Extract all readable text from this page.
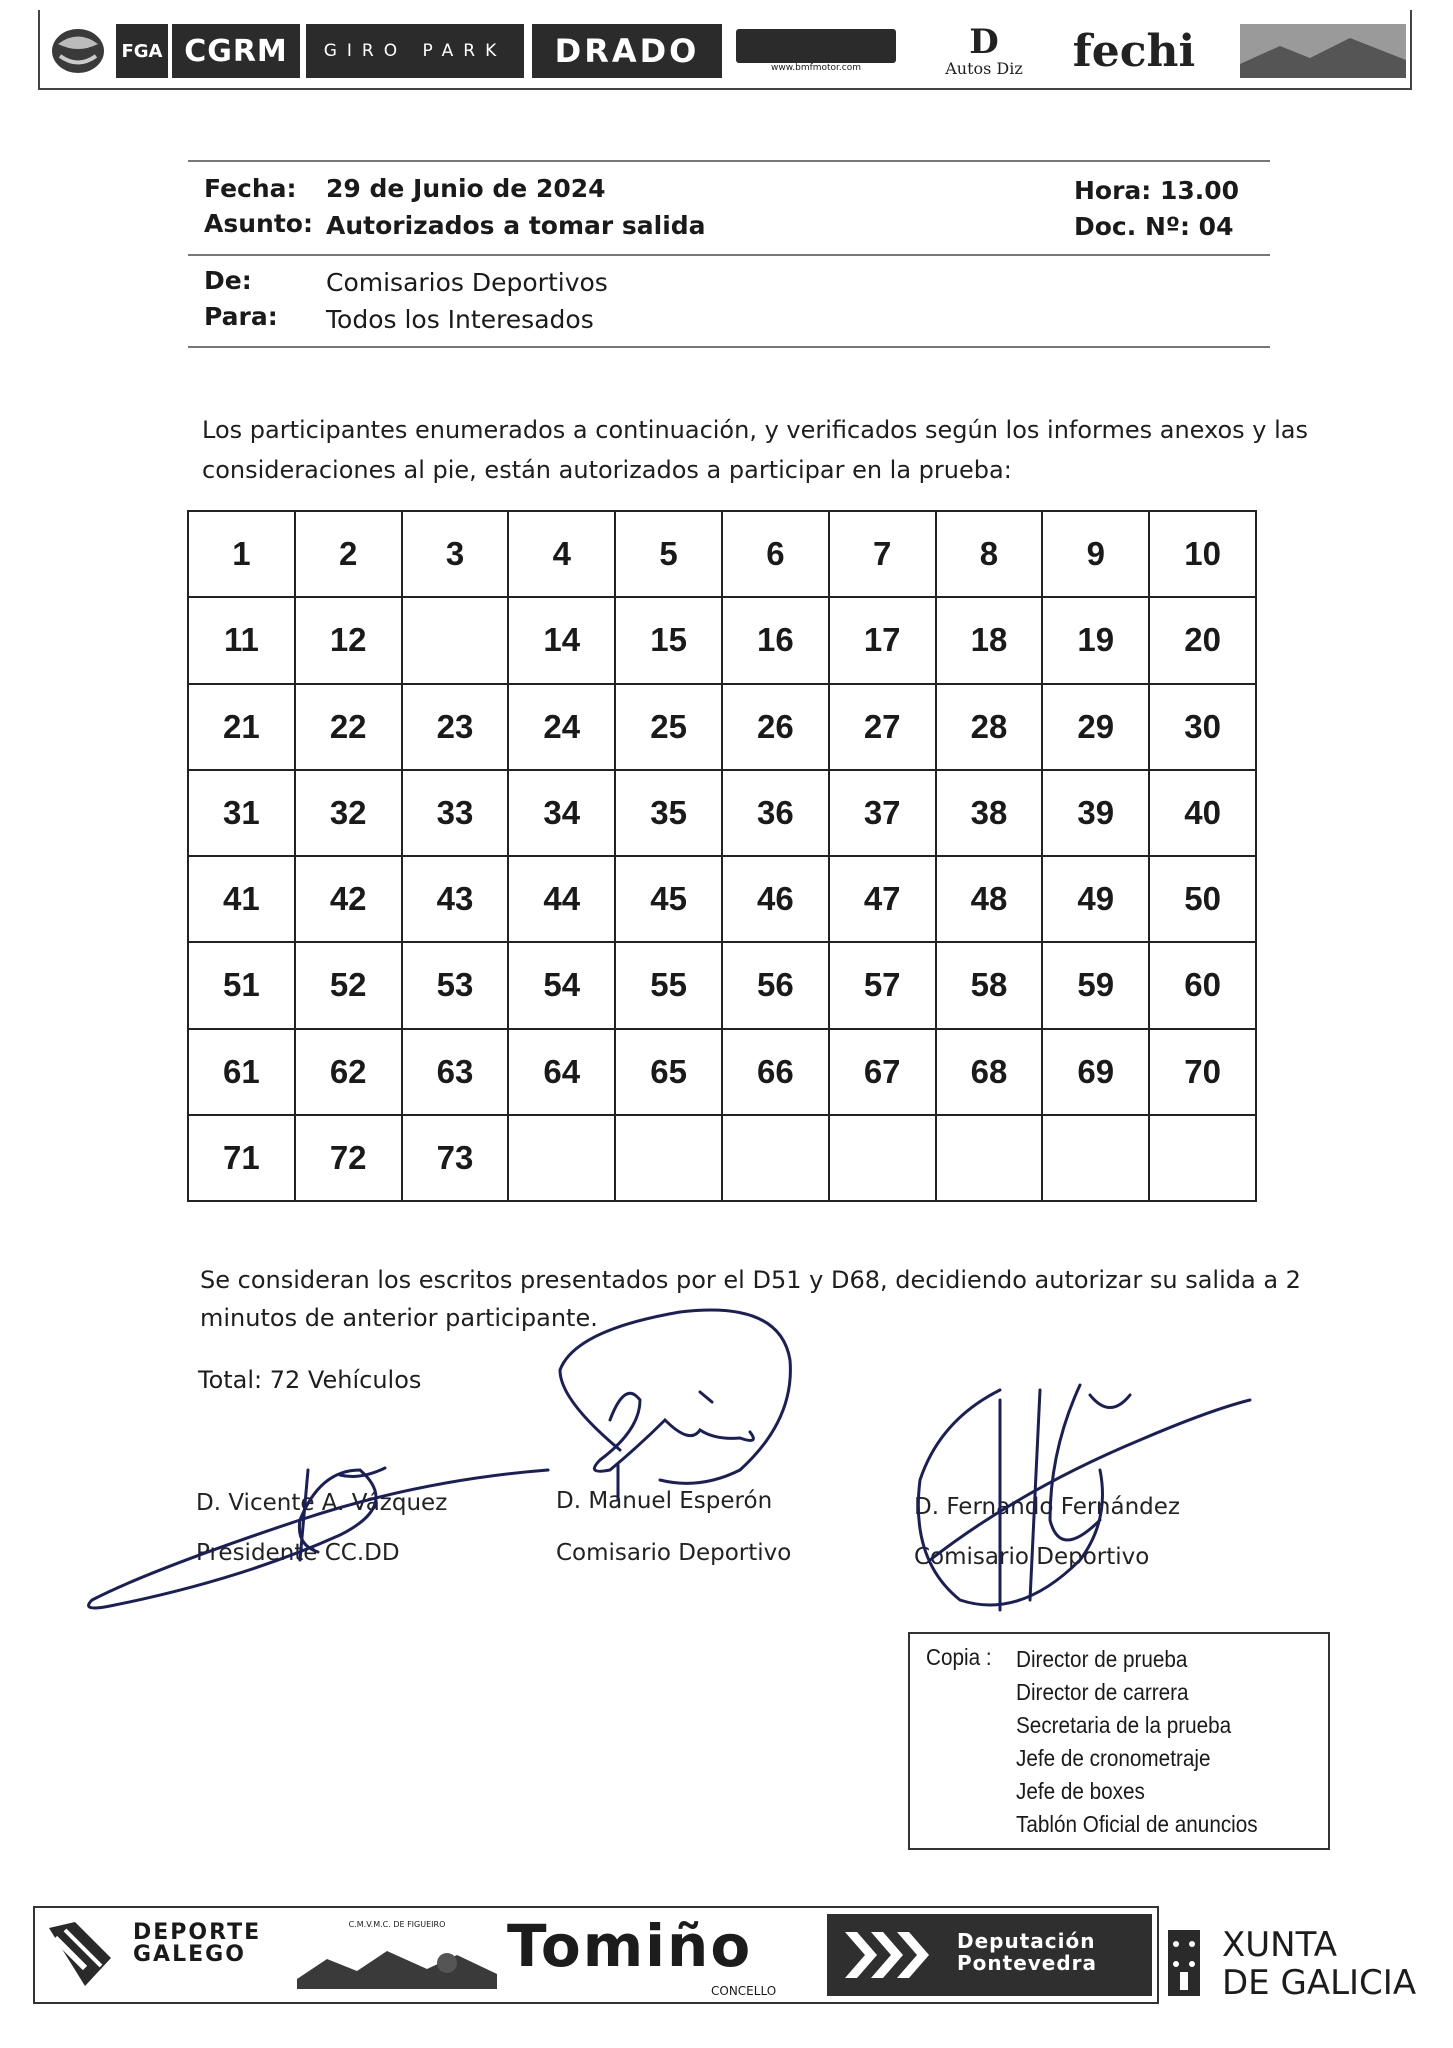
FGA CGRM GIRO PARK DRADO	www.bmfmotor.com
D
Autos Diz fechi
Fecha: 29 de Junio de 2024	Hora: 13.00
Asunto: Autorizados a tomar salida	Doc. Nº: 04
De:	Comisarios Deportivos
Para: Todos los Interesados
Los participantes enumerados a continuación, y verificados según los informes anexos y las
consideraciones al pie, están autorizados a participar en la prueba:
1	2	3	4	5	6	7	8	9	10
11	12		14	15	16	17	18	19	20
21	22	23	24	25	26	27	28	29	30
31	32	33	34	35	36	37	38	39	40
41	42	43	44	45	46	47	48	49	50
51	52	53	54	55	56	57	58	59	60
61	62	63	64	65	66	67	68	69	70
71	72	73							
Se consideran los escritos presentados por el D51 y D68, decidiendo autorizar su salida a 2
minutos de anterior participante.
Total: 72 Vehículos
D. Vicente A. Vázquez
Presidente CC.DD
D. Manuel Esperón
Comisario Deportivo
D. Fernando Fernández
Comisario Deportivo
Copia : Director de prueba
Director de carrera
Secretaria de la prueba
Jefe de cronometraje
Jefe de boxes
Tablón Oficial de anuncios
DEPORTE
GALEGO
C.M.V.M.C. DE FIGUEIRO	Tomiño
CONCELLO
Deputación
Pontevedra	XUNTA
DE GALICIA
